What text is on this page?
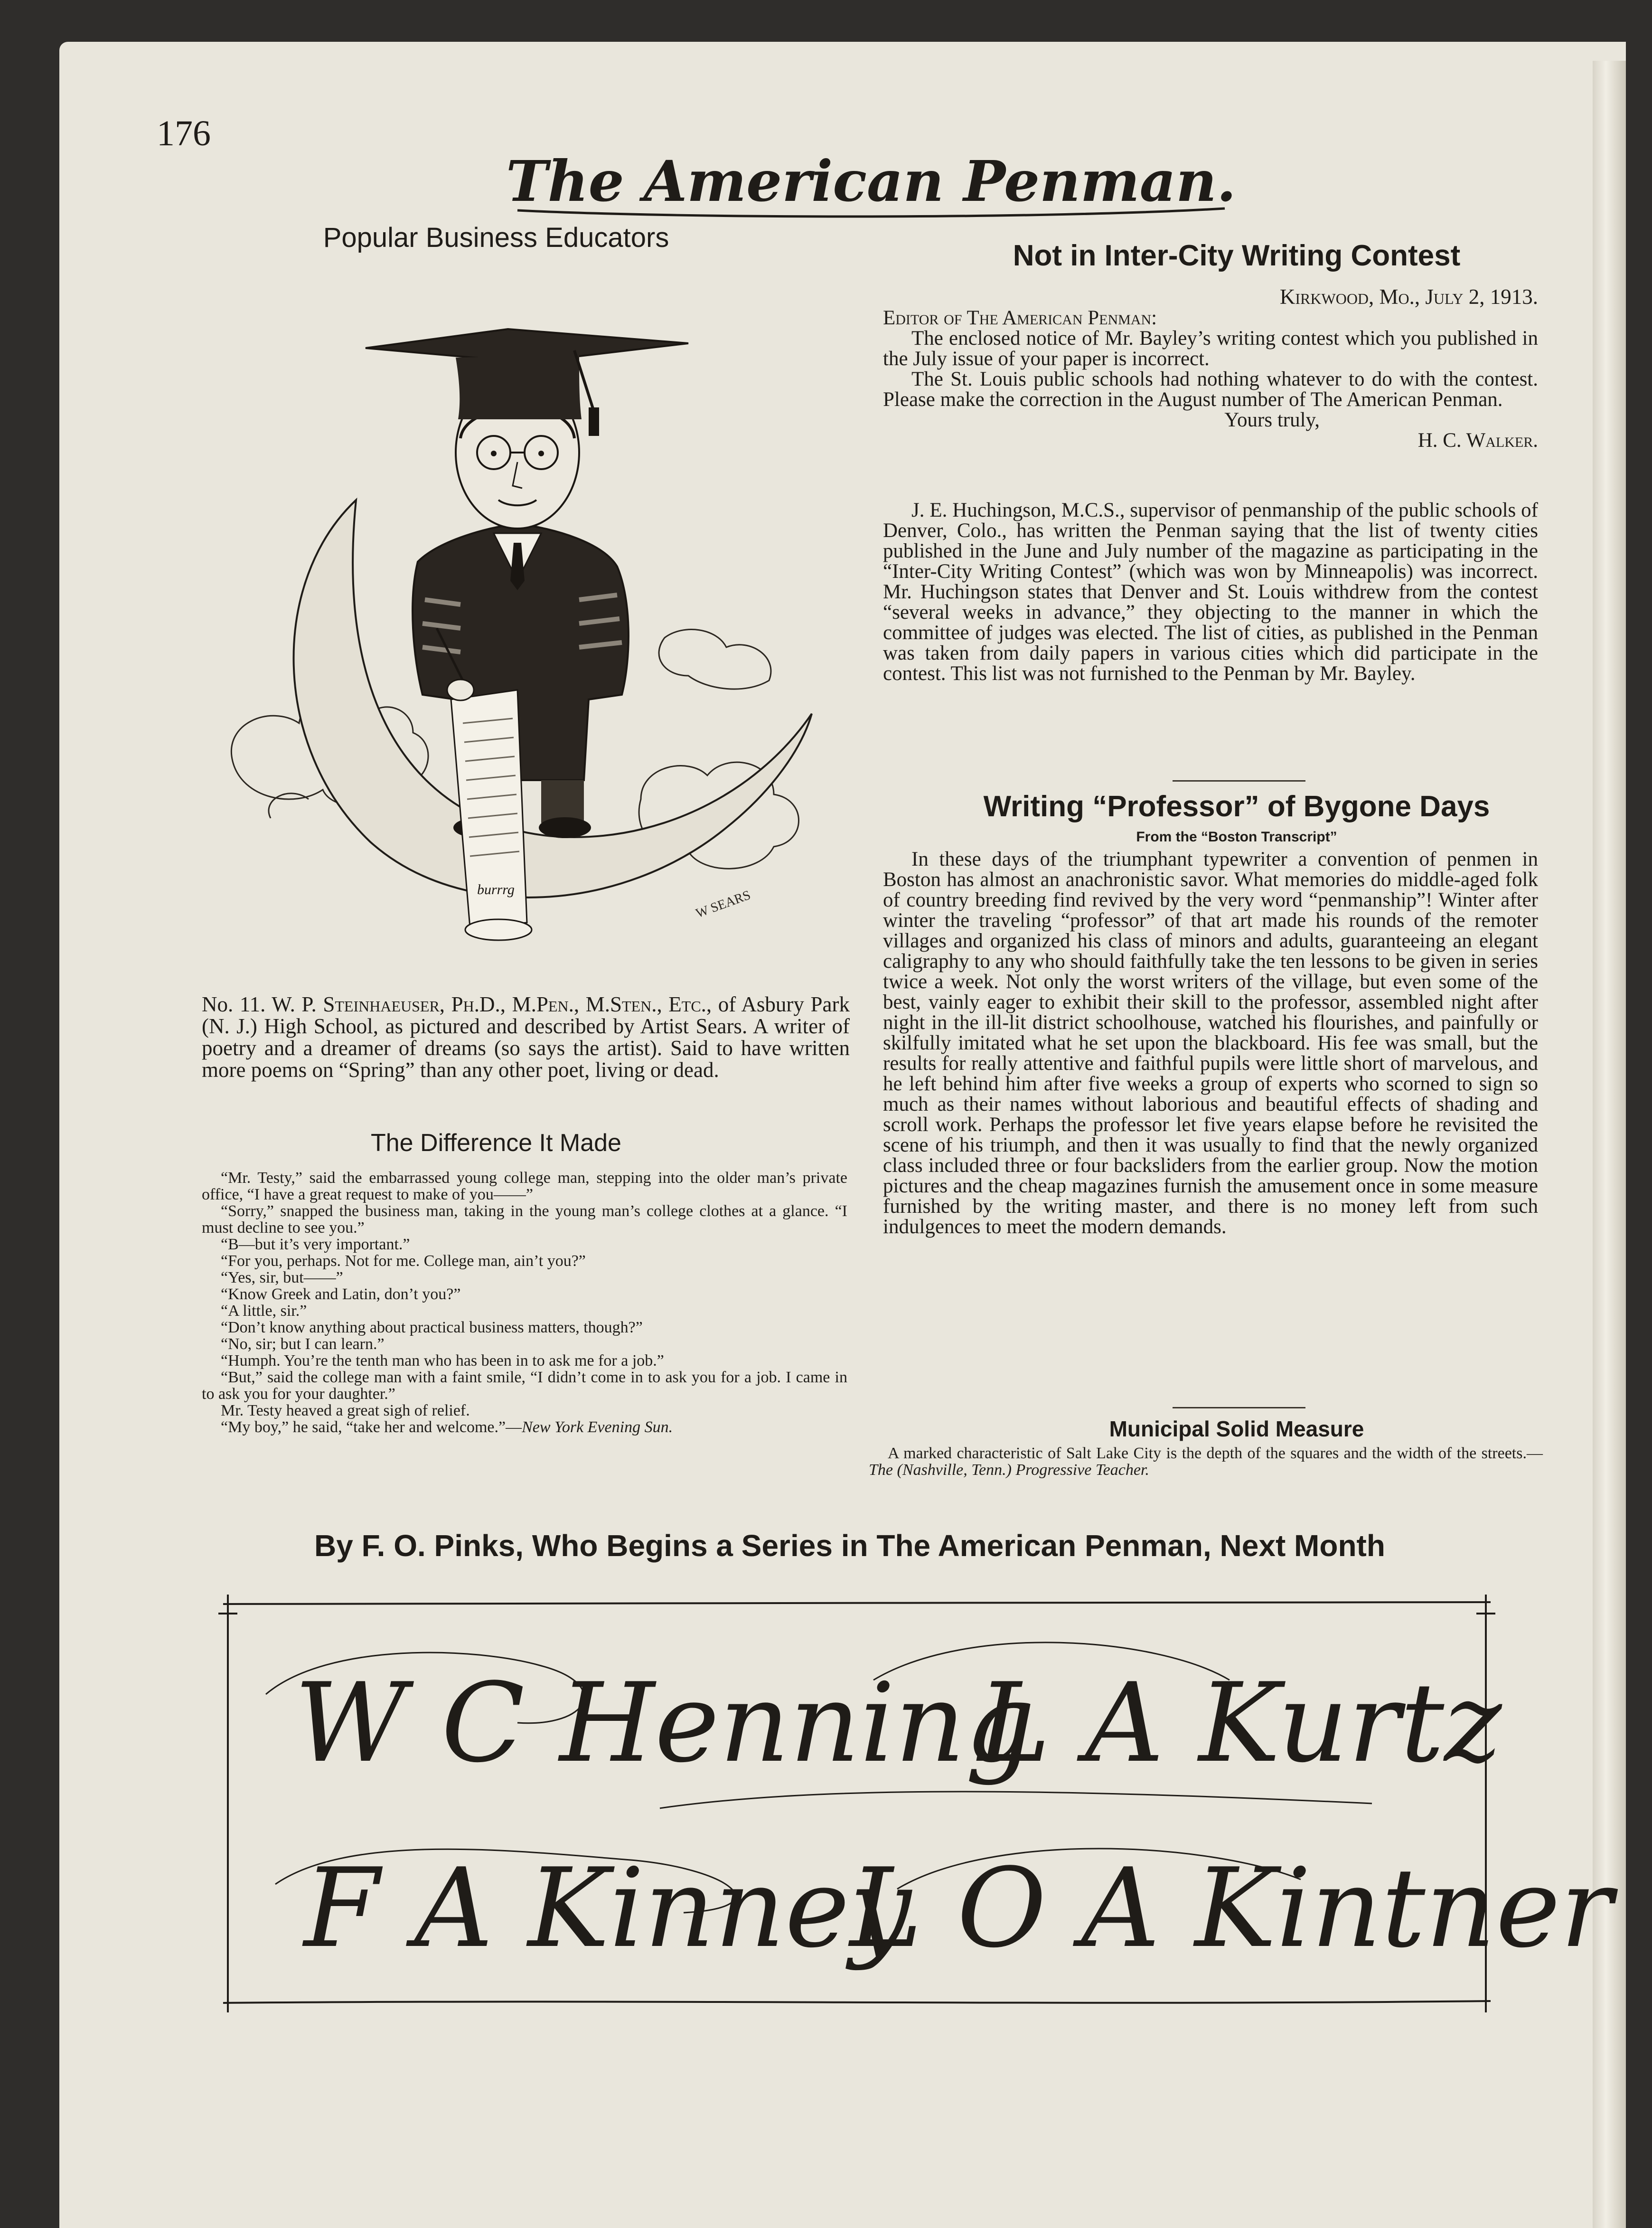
176
The American Penman.
Popular Business Educators
burrrg	W SEARS

No. 11. W. P. Steinhaeuser, Ph.D., M.Pen., M.Sten., Etc., of Asbury Park (N. J.) High School, as pictured and described by Artist Sears. A writer of poetry and a dreamer of dreams (so says the artist). Said to have written more poems on “Spring” than any other poet, living or dead.

The Difference It Made

“Mr. Testy,” said the embarrassed young college man, stepping into the older man’s private office, “I have a great request to make of you——”

“Sorry,” snapped the business man, taking in the young man’s college clothes at a glance. “I must decline to see you.”

“B—but it’s very important.”

“For you, perhaps. Not for me. College man, ain’t you?”

“Yes, sir, but——”

“Know Greek and Latin, don’t you?”

“A little, sir.”

“Don’t know anything about practical business matters, though?”

“No, sir; but I can learn.”

“Humph. You’re the tenth man who has been in to ask me for a job.”

“But,” said the college man with a faint smile, “I didn’t come in to ask you for a job. I came in to ask you for your daughter.”

Mr. Testy heaved a great sigh of relief.

“My boy,” he said, “take her and welcome.”—New York Evening Sun.

Not in Inter-City Writing Contest
Kirkwood, Mo., July 2, 1913.

Editor of The American Penman:

The enclosed notice of Mr. Bayley’s writing contest which you published in the July issue of your paper is incorrect.

The St. Louis public schools had nothing whatever to do with the contest. Please make the correction in the August number of The American Penman.

Yours truly,
H. C. Walker.

J. E. Huchingson, M.C.S., supervisor of penmanship of the public schools of Denver, Colo., has written the Penman saying that the list of twenty cities published in the June and July number of the magazine as participating in the “Inter-City Writing Contest” (which was won by Minneapolis) was incorrect. Mr. Huchingson states that Denver and St. Louis withdrew from the contest “several weeks in advance,” they objecting to the manner in which the committee of judges was elected. The list of cities, as published in the Penman was taken from daily papers in various cities which did participate in the contest. This list was not furnished to the Penman by Mr. Bayley.

Writing “Professor” of Bygone Days
From the “Boston Transcript”

In these days of the triumphant typewriter a convention of penmen in Boston has almost an anachronistic savor. What memories do middle-aged folk of country breeding find revived by the very word “penmanship”! Winter after winter the traveling “professor” of that art made his rounds of the remoter villages and organized his class of minors and adults, guaranteeing an elegant caligraphy to any who should faithfully take the ten lessons to be given in series twice a week. Not only the worst writers of the village, but even some of the best, vainly eager to exhibit their skill to the professor, assembled night after night in the ill-lit district schoolhouse, watched his flourishes, and painfully or skilfully imitated what he set upon the blackboard. His fee was small, but the results for really attentive and faithful pupils were little short of marvelous, and he left behind him after five weeks a group of experts who scorned to sign so much as their names without laborious and beautiful effects of shading and scroll work. Perhaps the professor let five years elapse before he revisited the scene of his triumph, and then it was usually to find that the newly organized class included three or four backsliders from the earlier group. Now the motion pictures and the cheap magazines furnish the amusement once in some measure furnished by the writing master, and there is no money left from such indulgences to meet the modern demands.

Municipal Solid Measure

A marked characteristic of Salt Lake City is the depth of the squares and the width of the streets.—The (Nashville, Tenn.) Progressive Teacher.

By F. O. Pinks, Who Begins a Series in The American Penman, Next Month
W C Henning
L A Kurtz
F A Kinney
L O A Kintner
